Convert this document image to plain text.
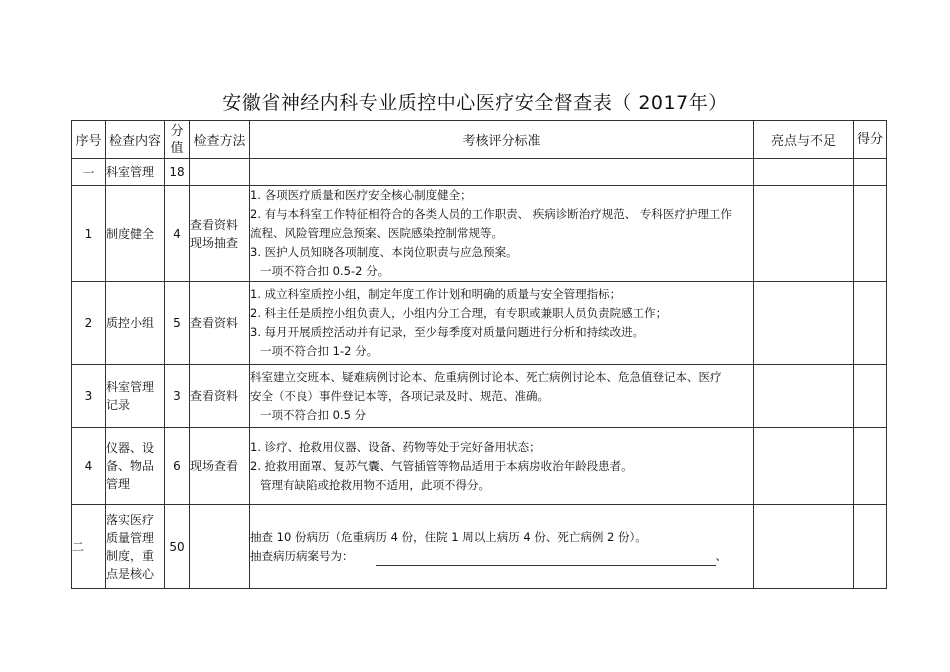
安徽省神经内科专业质控中心医疗安全督查表（ 2017年）
序号	检查内容	分值	检查方法	考核评分标准	亮点与不足	得分
一	科室管理	18				
1	制度健全	4	查看资料现场抽查	1. 各项医疗质量和医疗安全核心制度健全；
2. 有与本科室工作特征相符合的各类人员的工作职责、 疾病诊断治疗规范、 专科医疗护理工作
流程、风险管理应急预案、医院感染控制常规等。
3. 医护人员知晓各项制度、本岗位职责与应急预案。
一项不符合扣 0.5-2 分。		

2	质控小组	5	查看资料	1. 成立科室质控小组，制定年度工作计划和明确的质量与安全管理指标；
2. 科主任是质控小组负责人，小组内分工合理，有专职或兼职人员负责院感工作；
3. 每月开展质控活动并有记录，至少每季度对质量问题进行分析和持续改进。
一项不符合扣 1-2 分。		

3	科室管理记录	3	查看资料	科室建立交班本、疑难病例讨论本、危重病例讨论本、死亡病例讨论本、危急值登记本、医疗
安全（不良）事件登记本等，各项记录及时、规范、准确。
一项不符合扣 0.5 分		

4	仪器、设备、物品管理	6	现场查看	1. 诊疗、抢救用仪器、设备、药物等处于完好备用状态；
2. 抢救用面罩、复苏气囊、气管插管等物品适用于本病房收治年龄段患者。
管理有缺陷或抢救用物不适用，此项不得分。		

二	落实医疗质量管理制度，重点是核心	50		抽查 10 份病历（危重病历 4 份，住院 1 周以上病历 4 份、死亡病例 2 份）。
抽查病历病案号为： 、		
